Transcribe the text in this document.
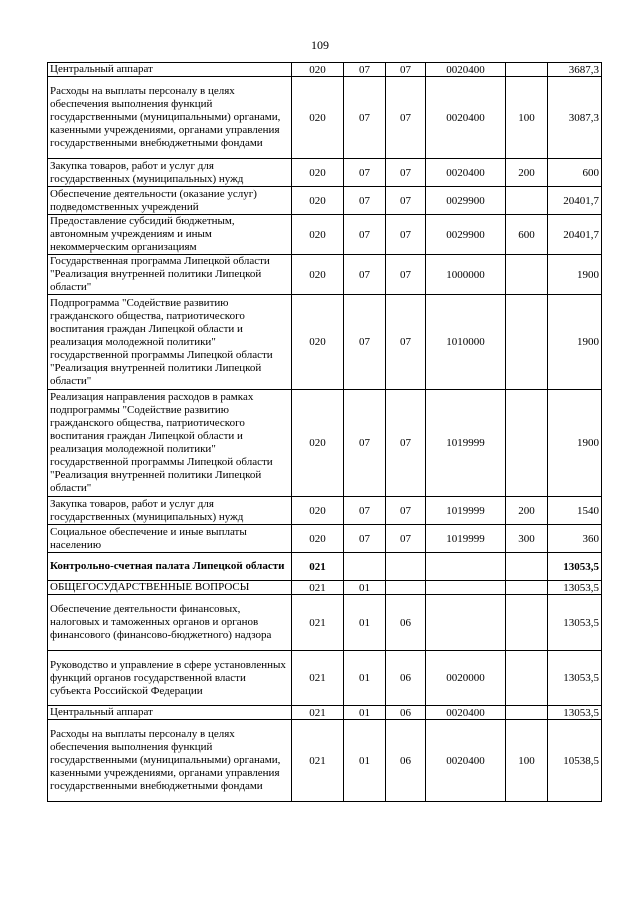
109
Центральный аппарат	020	07	07	0020400		3687,3
Расходы на выплаты персоналу в целях обеспечения выполнения функций государственными (муниципальными) органами, казенными учреждениями, органами управления государственными внебюджетными фондами	020	07	07	0020400	100	3087,3
Закупка товаров, работ и услуг для государственных (муниципальных) нужд	020	07	07	0020400	200	600
Обеспечение деятельности (оказание услуг) подведомственных учреждений	020	07	07	0029900		20401,7
Предоставление субсидий бюджетным, автономным учреждениям и иным некоммерческим организациям	020	07	07	0029900	600	20401,7
Государственная программа Липецкой области "Реализация внутренней политики Липецкой области"	020	07	07	1000000		1900
Подпрограмма "Содействие развитию гражданского общества, патриотического воспитания граждан Липецкой области и реализация молодежной политики" государственной программы Липецкой области "Реализация внутренней политики Липецкой области"	020	07	07	1010000		1900
Реализация направления расходов в рамках подпрограммы "Содействие развитию гражданского общества, патриотического воспитания граждан Липецкой области и реализация молодежной политики" государственной программы Липецкой области "Реализация внутренней политики Липецкой области"	020	07	07	1019999		1900
Закупка товаров, работ и услуг для государственных (муниципальных) нужд	020	07	07	1019999	200	1540
Социальное обеспечение и иные выплаты населению	020	07	07	1019999	300	360
Контрольно-счетная палата Липецкой области	021					13053,5
ОБЩЕГОСУДАРСТВЕННЫЕ ВОПРОСЫ	021	01				13053,5
Обеспечение деятельности финансовых, налоговых и таможенных органов и органов финансового (финансово-бюджетного) надзора	021	01	06			13053,5
Руководство и управление в сфере установленных функций органов государственной власти субъекта Российской Федерации	021	01	06	0020000		13053,5
Центральный аппарат	021	01	06	0020400		13053,5
Расходы на выплаты персоналу в целях обеспечения выполнения функций государственными (муниципальными) органами, казенными учреждениями, органами управления государственными внебюджетными фондами	021	01	06	0020400	100	10538,5
